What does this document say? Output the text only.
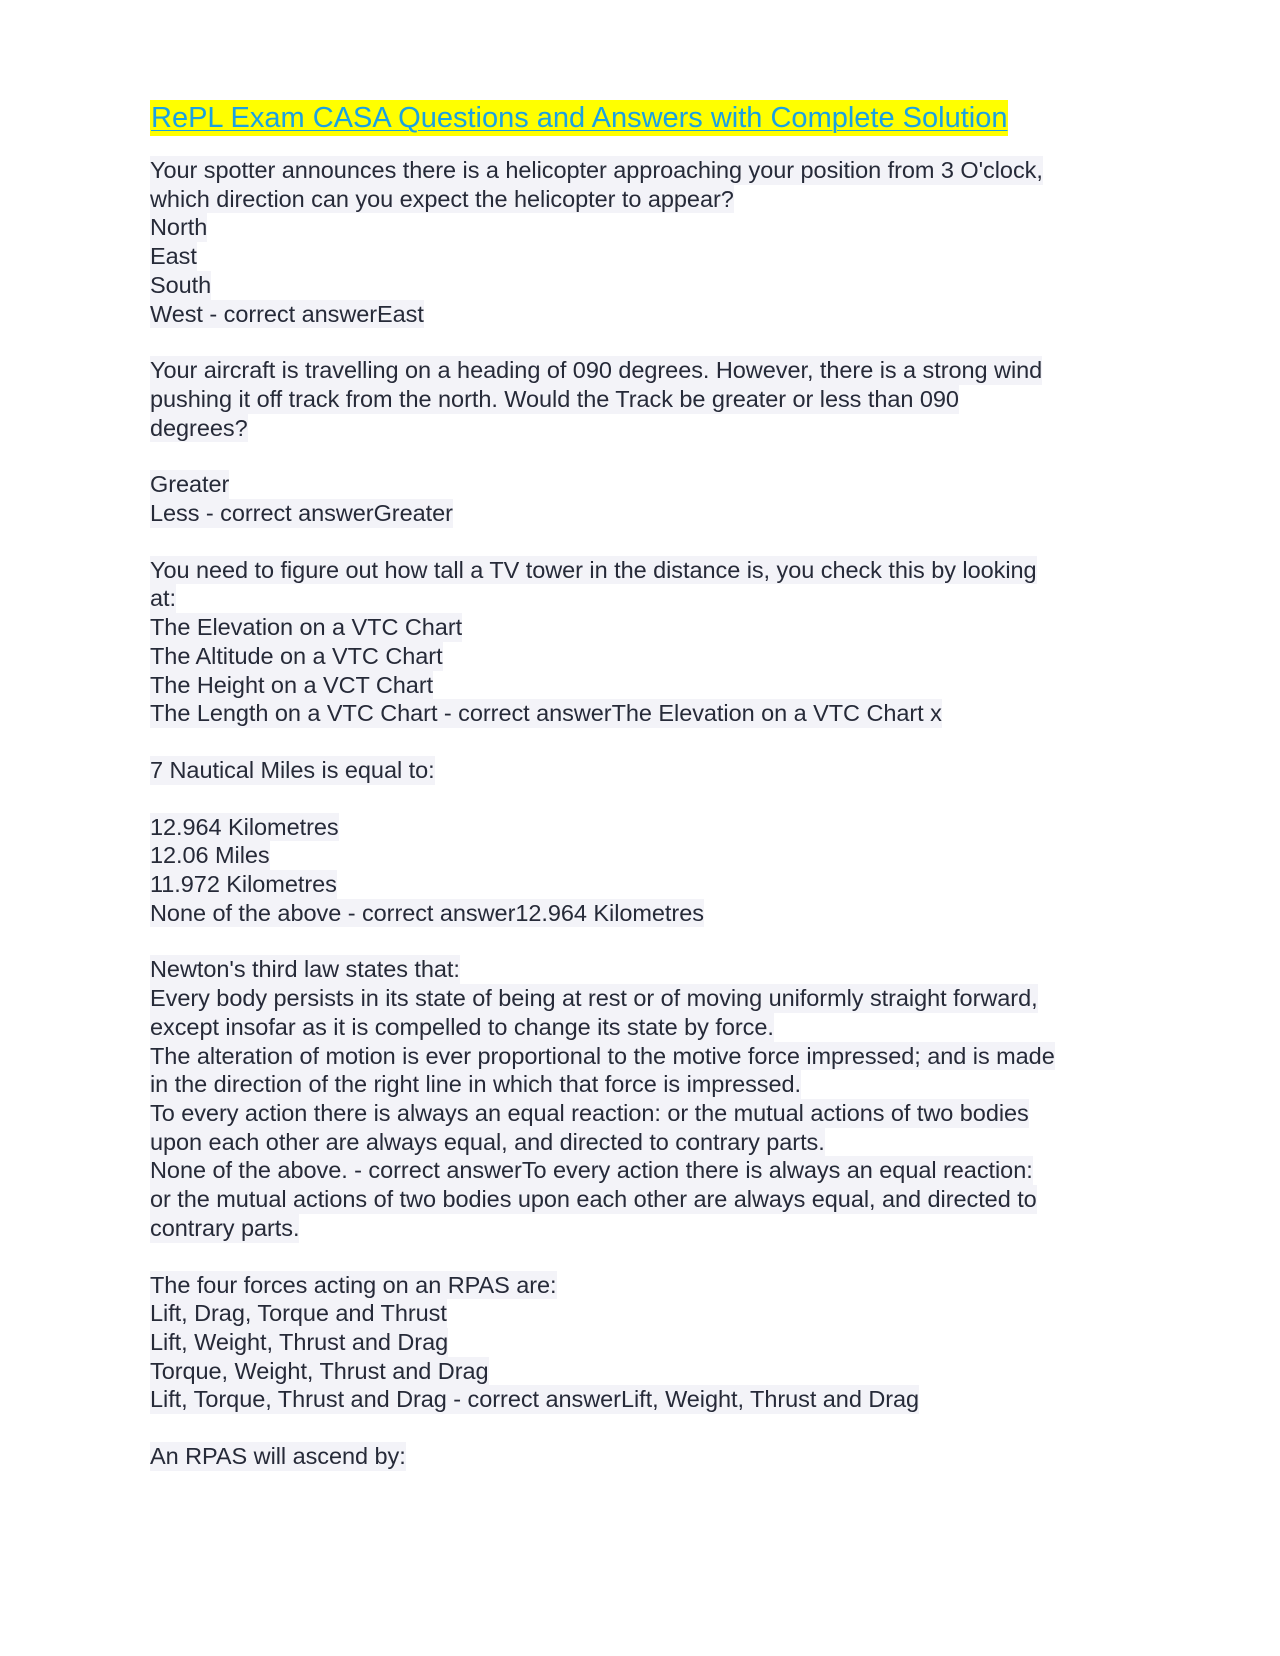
RePL Exam CASA Questions and Answers with Complete Solution
Your spotter announces there is a helicopter approaching your position from 3 O'clock,
which direction can you expect the helicopter to appear?
North
East
South
West - correct answerEast
Your aircraft is travelling on a heading of 090 degrees. However, there is a strong wind
pushing it off track from the north. Would the Track be greater or less than 090
degrees?
Greater
Less - correct answerGreater
You need to figure out how tall a TV tower in the distance is, you check this by looking
at:
The Elevation on a VTC Chart
The Altitude on a VTC Chart
The Height on a VCT Chart
The Length on a VTC Chart - correct answerThe Elevation on a VTC Chart x
7 Nautical Miles is equal to:
12.964 Kilometres
12.06 Miles
11.972 Kilometres
None of the above - correct answer12.964 Kilometres
Newton's third law states that:
Every body persists in its state of being at rest or of moving uniformly straight forward,
except insofar as it is compelled to change its state by force.
The alteration of motion is ever proportional to the motive force impressed; and is made
in the direction of the right line in which that force is impressed.
To every action there is always an equal reaction: or the mutual actions of two bodies
upon each other are always equal, and directed to contrary parts.
None of the above. - correct answerTo every action there is always an equal reaction:
or the mutual actions of two bodies upon each other are always equal, and directed to
contrary parts.
The four forces acting on an RPAS are:
Lift, Drag, Torque and Thrust
Lift, Weight, Thrust and Drag
Torque, Weight, Thrust and Drag
Lift, Torque, Thrust and Drag - correct answerLift, Weight, Thrust and Drag
An RPAS will ascend by:
